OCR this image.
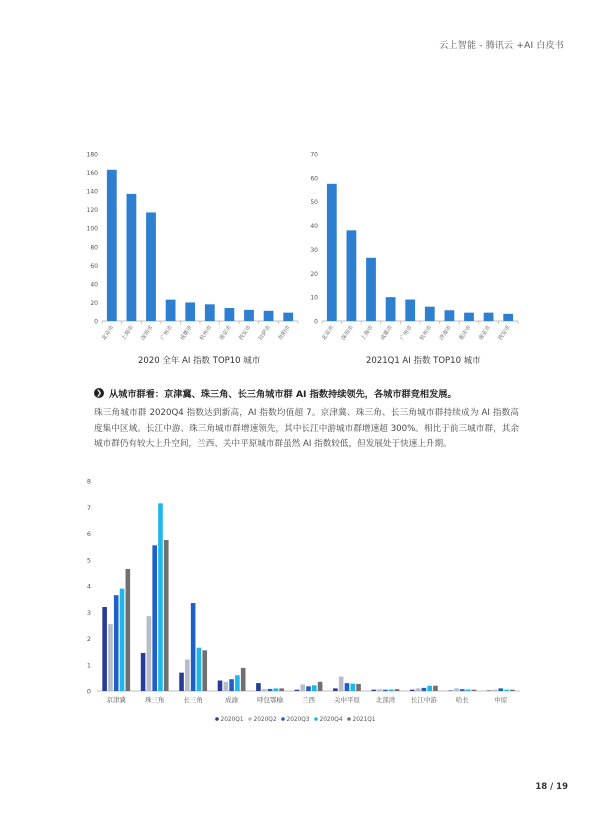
云上智能 - 腾讯云 +AI 白皮书
0
20
40
60
80
100
120
140
160
180
北京市 上海市 深圳市 广州市 成都市 杭州市 南京市 西安市 拉萨市 贵阳市
2020 全年 AI 指数 TOP10 城市
0
10
20
30
40
50
60
70
北京市 深圳市 上海市 成都市 广州市 杭州市 济南市 重庆市 南京市 西安市
2021Q1 AI 指数 TOP10 城市
❯ 从城市群看：京津冀、珠三角、长三角城市群 AI 指数持续领先，各城市群竞相发展。

珠三角城市群 2020Q4 指数达到新高，AI 指数均值超 7。京津冀、珠三角、长三角城市群持续成为 AI 指数高度集中区域。长江中游、珠三角城市群增速领先，其中长江中游城市群增速超 300%。相比于前三城市群，其余城市群仍有较大上升空间，兰西、关中平原城市群虽然 AI 指数较低，但发展处于快速上升期。

0
1
2
3
4
5
6
7
8
京津冀	珠三角	长三角	成渝	呼包鄂榆	兰西	关中平原 北部湾 长江中游	哈长	中原
2020Q1 2020Q2 2020Q3 2020Q4 2021Q1
18 / 19
